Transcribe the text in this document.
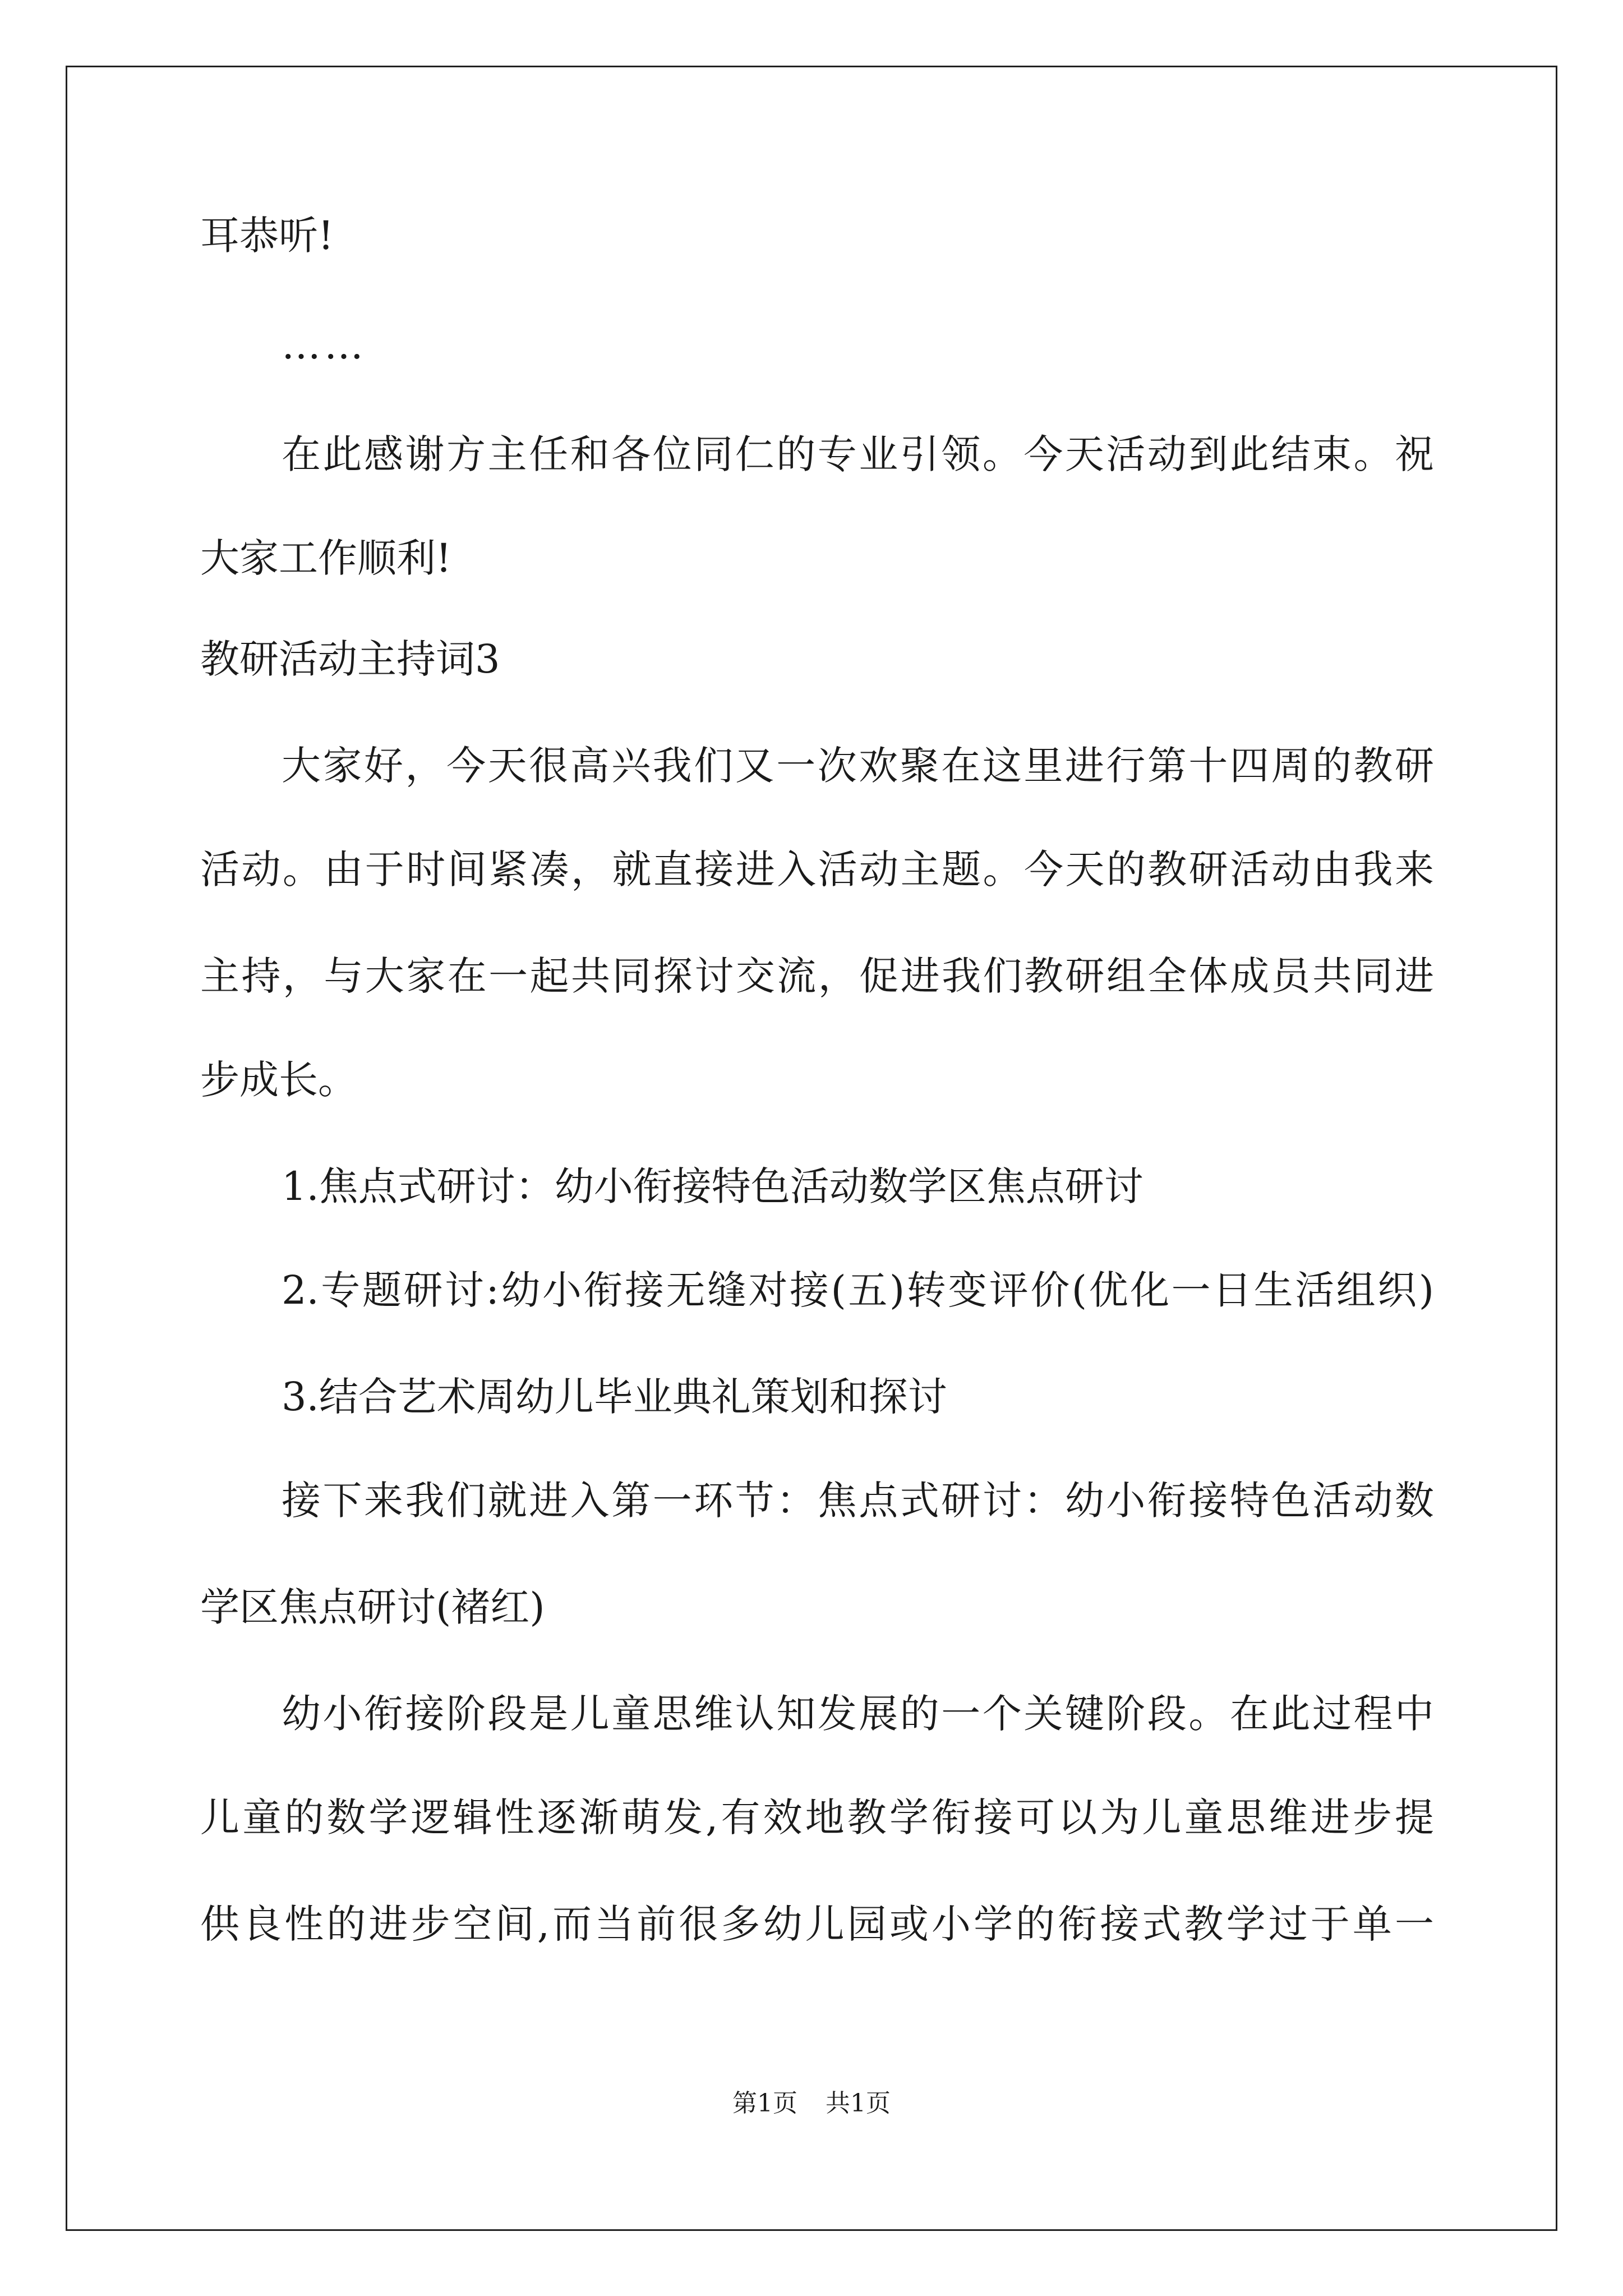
耳恭听!
……
在此感谢方主任和各位同仁的专业引领。今天活动到此结束。祝
大家工作顺利!
教研活动主持词3
大家好，今天很高兴我们又一次欢聚在这里进行第十四周的教研
活动。由于时间紧凑，就直接进入活动主题。今天的教研活动由我来
主持，与大家在一起共同探讨交流，促进我们教研组全体成员共同进
步成长。
1.焦点式研讨：幼小衔接特色活动数学区焦点研讨
2.专题研讨:幼小衔接无缝对接(五)转变评价(优化一日生活组织)
3.结合艺术周幼儿毕业典礼策划和探讨
接下来我们就进入第一环节：焦点式研讨：幼小衔接特色活动数
学区焦点研讨(褚红)
幼小衔接阶段是儿童思维认知发展的一个关键阶段。在此过程中
儿童的数学逻辑性逐渐萌发,有效地教学衔接可以为儿童思维进步提
供良性的进步空间,而当前很多幼儿园或小学的衔接式教学过于单一
第1页 共1页
